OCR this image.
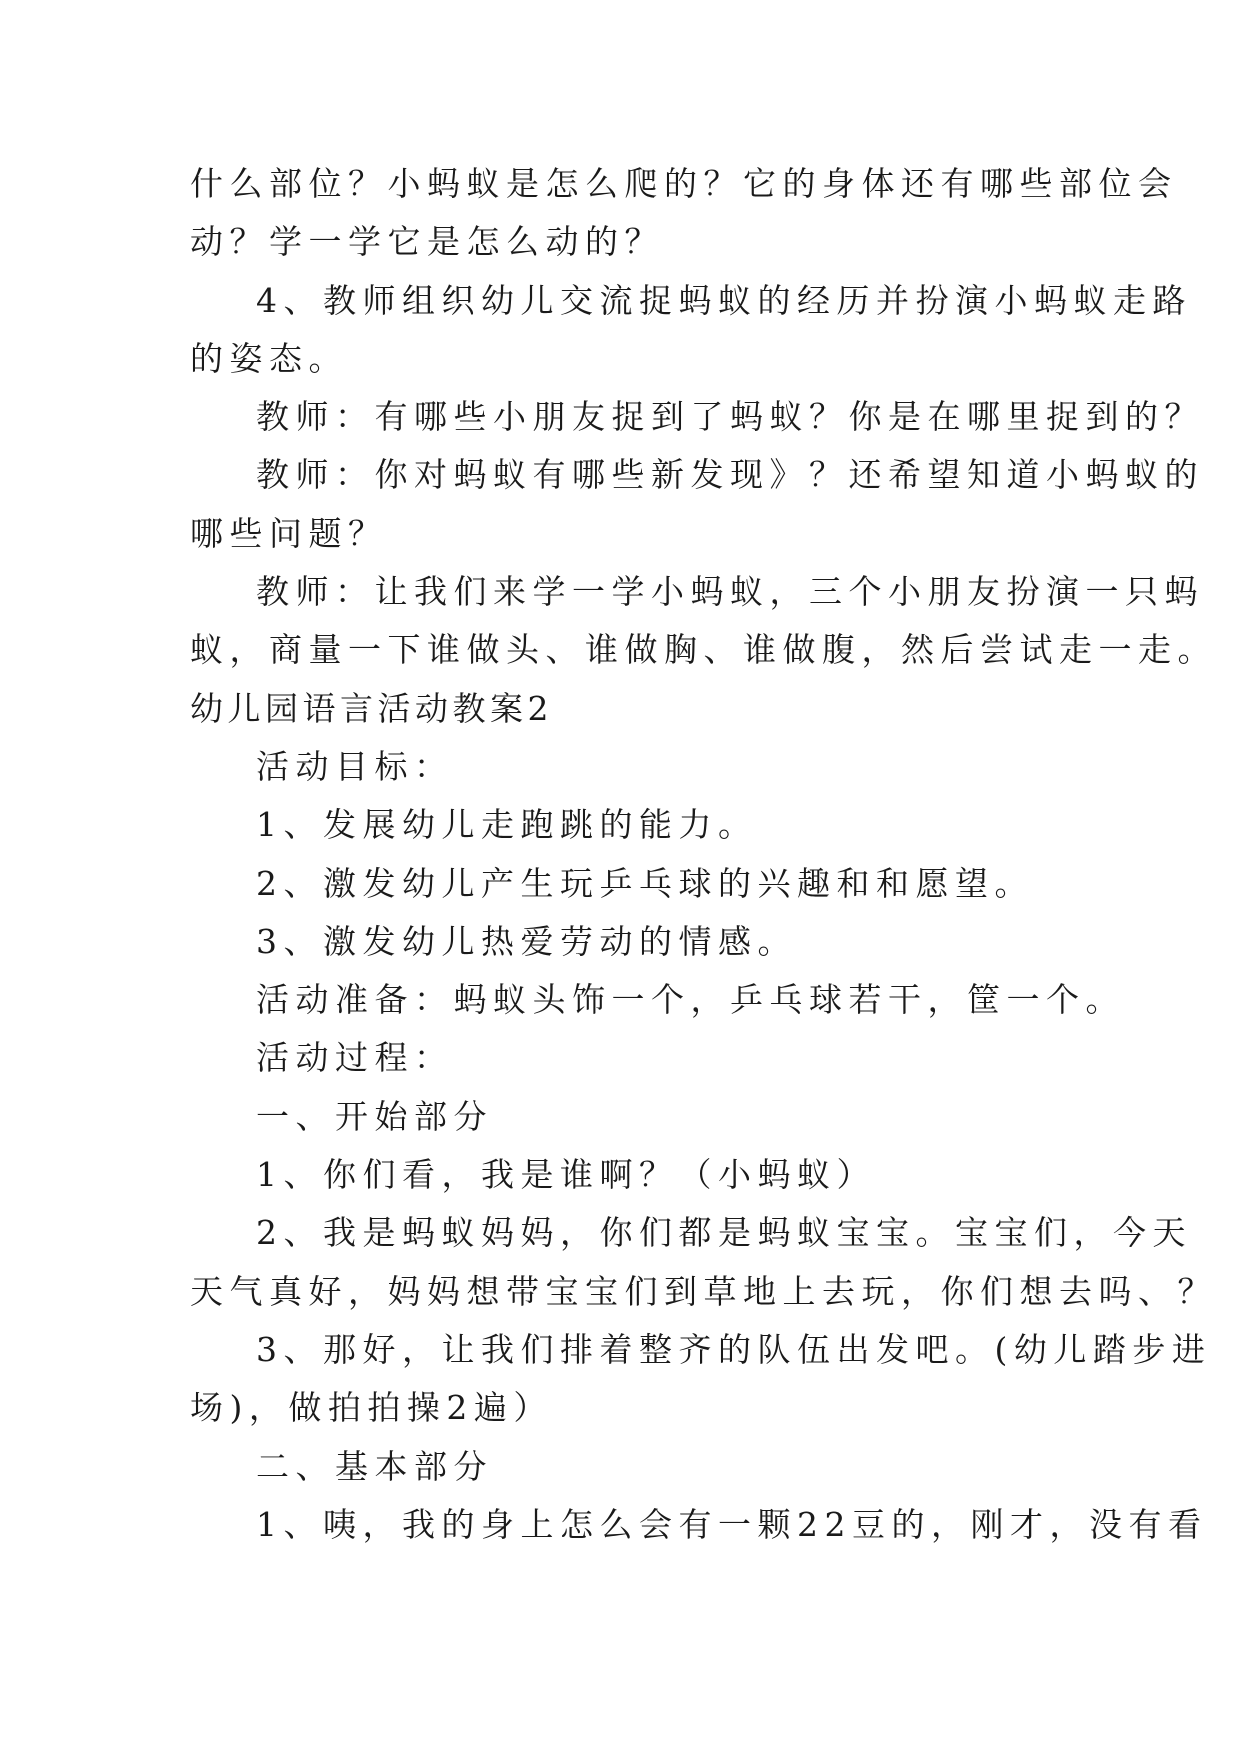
什么部位？小蚂蚁是怎么爬的？它的身体还有哪些部位会
动？学一学它是怎么动的？
4、教师组织幼儿交流捉蚂蚁的经历并扮演小蚂蚁走路
的姿态。
教师：有哪些小朋友捉到了蚂蚁？你是在哪里捉到的？
教师：你对蚂蚁有哪些新发现》？还希望知道小蚂蚁的
哪些问题？
教师：让我们来学一学小蚂蚁，三个小朋友扮演一只蚂
蚁，商量一下谁做头、谁做胸、谁做腹，然后尝试走一走。
幼儿园语言活动教案2
活动目标：
1、发展幼儿走跑跳的能力。
2、激发幼儿产生玩乒乓球的兴趣和和愿望。
3、激发幼儿热爱劳动的情感。
活动准备：蚂蚁头饰一个，乒乓球若干，筐一个。
活动过程：
一、开始部分
1、你们看，我是谁啊？（小蚂蚁）
2、我是蚂蚁妈妈，你们都是蚂蚁宝宝。宝宝们，今天
天气真好，妈妈想带宝宝们到草地上去玩，你们想去吗、？
3、那好，让我们排着整齐的队伍出发吧。(幼儿踏步进
场)，做拍拍操2遍）
二、基本部分
1、咦，我的身上怎么会有一颗22豆的，刚才，没有看
